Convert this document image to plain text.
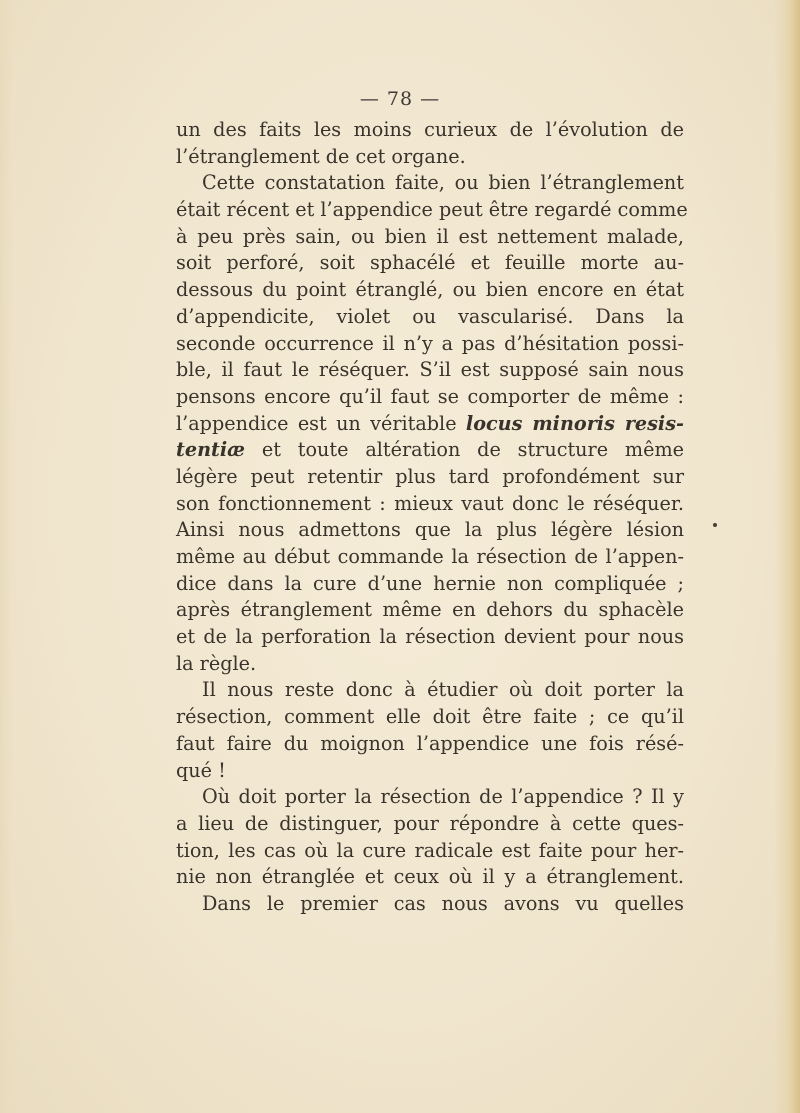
— 78 —
un des faits les moins curieux de l’évolution de
l’étranglement de cet organe.
Cette constatation faite, ou bien l’étranglement
était récent et l’appendice peut être regardé comme
à peu près sain, ou bien il est nettement malade,
soit perforé, soit sphacélé et feuille morte au-
dessous du point étranglé, ou bien encore en état
d’appendicite, violet ou vascularisé. Dans la
seconde occurrence il n’y a pas d’hésitation possi-
ble, il faut le réséquer. S’il est supposé sain nous
pensons encore qu’il faut se comporter de même :
l’appendice est un véritable locus minoris resis-
tentiæ et toute altération de structure même
légère peut retentir plus tard profondément sur
son fonctionnement : mieux vaut donc le réséquer.
Ainsi nous admettons que la plus légère lésion
même au début commande la résection de l’appen-
dice dans la cure d’une hernie non compliquée ;
après étranglement même en dehors du sphacèle
et de la perforation la résection devient pour nous
la règle.
Il nous reste donc à étudier où doit porter la
résection, comment elle doit être faite ; ce qu’il
faut faire du moignon l’appendice une fois résé-
qué !
Où doit porter la résection de l’appendice ? Il y
a lieu de distinguer, pour répondre à cette ques-
tion, les cas où la cure radicale est faite pour her-
nie non étranglée et ceux où il y a étranglement.
Dans le premier cas nous avons vu quelles
